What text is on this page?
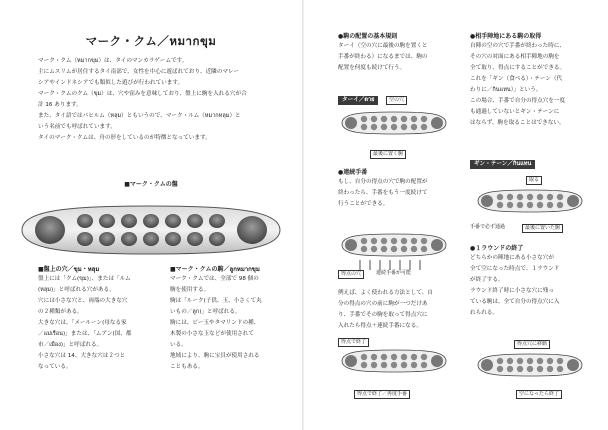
マーク・クム／หมากขุม

マーク・クム（หมากขุม）は、タイのマンカラゲームです。

主にムスリムが居住するタイ南部で、女性を中心に遊ばれており、近隣のマレー

シアやインドネシアでも類似した遊びが行われています。

マーク・クムのクム（ขุม）は、穴や窪みを意味しており、盤上に駒を入れる穴が合

計 16 あります。

また、タイ語ではパヒルム（หลุม）ともいうので、マーク・ルム（หมากหลุม）と

いう名前でも呼ばれています。

タイのマーク・クムは、舟の形をしているのが特徴となっています。

■マーク・クムの盤
■盤上の穴／ขุม・หลุม

盤上には「クム(ขุม)」、または「ルム

(หลุม)」と呼ばれる穴がある。

穴には小さな穴と、両端の大きな穴

の２種類がある。

大きな穴は、「メールーン(母なる家

／แม่เรือน)」または、「ムアン(国、都

市／เมือง)」と呼ばれる。

小さな穴は 14、大きな穴は２つと

なっている。

■マーク・クムの駒／ลูกหมากขุม

マーク・クムでは、全部で 98 個の

駒を使用する。

駒は「ルーク(子供、玉、小さくて丸

いもの／ลูก)」と呼ばれる。

駒には、ビー玉やタマリンドの種、

木製の小さな玉などが使用されて

いる。

地域により、駒に宝貝が使用される

こともある。

●駒の配置の基本規則

ターイ（空の穴に最後の駒を置くと

手番が終わる）になるまでは、駒の

配置を何度も続けて行う。

ターイ／ตาย	空の穴
最後に置く駒
●連続手番

もし、自分の得点の穴で駒の配置が

終わったら、手番をもう一度続けて

行うことができる。

得点の穴	連続手番が可能

例えば、よく使われる方法として、自

分の得点の穴の前に駒が一つだけあ

り、手番でその駒を取って得点穴に

入れたら得点＋連続手番になる。

得点で終了
得点で終了／再度手番
●相手陣地にある駒の取得

自陣の空の穴で手番が終わった時に、

その穴の対面にある相手陣地の駒を

全て取り、得点にすることができる。

これを「ギン（食べる）・テーン（代

わりに／กินแทน）」という。

この場合、手番で自分の得点穴を一度

も通過していないとギン・テーンに

はならず、駒を取ることはできない。

ギン・テーン／กินแทน
取る
手番で必ず通過	最後に置いた駒
●１ラウンドの終了

どちらかの陣地にある小さな穴が

全て空になった時点で、１ラウンド

が終了する。

ラウンド終了時に小さな穴に残っ

ている駒は、全て自分の得点穴に入

れられる。

得点穴に移動
空になったら終了
